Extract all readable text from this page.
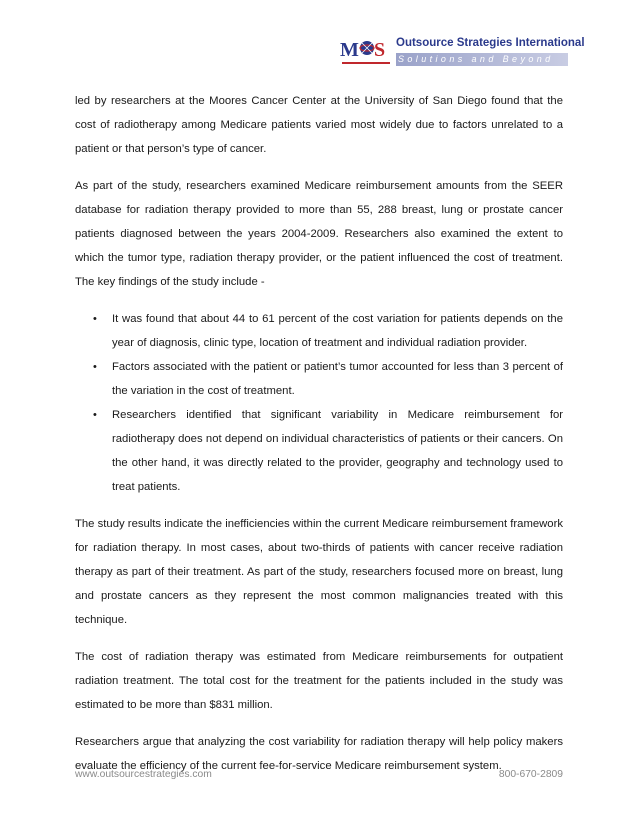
M S Outsource Strategies International
Solutions and Beyond

led by researchers at the Moores Cancer Center at the University of San Diego found that the cost of radiotherapy among Medicare patients varied most widely due to factors unrelated to a patient or that person’s type of cancer.

As part of the study, researchers examined Medicare reimbursement amounts from the SEER database for radiation therapy provided to more than 55, 288 breast, lung or prostate cancer patients diagnosed between the years 2004-2009. Researchers also examined the extent to which the tumor type, radiation therapy provider, or the patient influenced the cost of treatment. The key findings of the study include -

• It was found that about 44 to 61 percent of the cost variation for patients depends on the year of diagnosis, clinic type, location of treatment and individual radiation provider.
• Factors associated with the patient or patient’s tumor accounted for less than 3 percent of the variation in the cost of treatment.
• Researchers identified that significant variability in Medicare reimbursement for radiotherapy does not depend on individual characteristics of patients or their cancers. On the other hand, it was directly related to the provider, geography and technology used to treat patients.

The study results indicate the inefficiencies within the current Medicare reimbursement framework for radiation therapy. In most cases, about two-thirds of patients with cancer receive radiation therapy as part of their treatment. As part of the study, researchers focused more on breast, lung and prostate cancers as they represent the most common malignancies treated with this technique.

The cost of radiation therapy was estimated from Medicare reimbursements for outpatient radiation treatment. The total cost for the treatment for the patients included in the study was estimated to be more than $831 million.

Researchers argue that analyzing the cost variability for radiation therapy will help policy makers evaluate the efficiency of the current fee-for-service Medicare reimbursement system.

www.outsourcestrategies.com	800-670-2809
